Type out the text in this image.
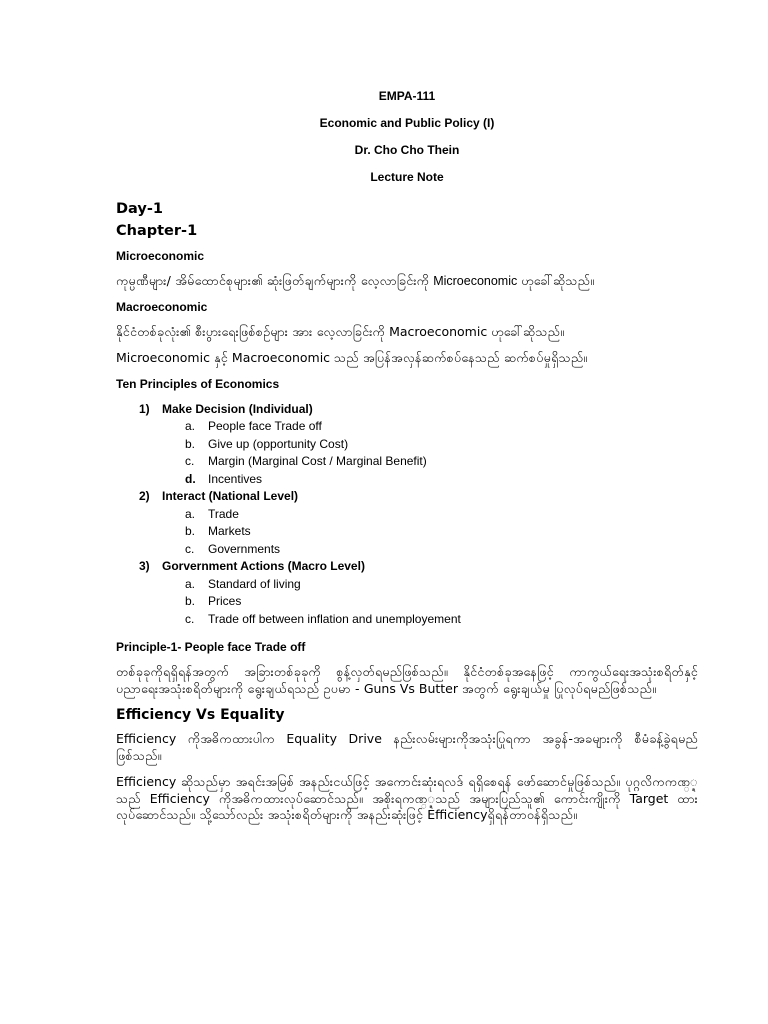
EMPA-111

Economic and Public Policy (I)

Dr. Cho Cho Thein

Lecture Note

Day-1
Chapter-1
Microeconomic

ကုမ္ပဏီများ/ အိမ်ထောင်စုများ၏ ဆုံးဖြတ်ချက်များကို လေ့လာခြင်းကို Microeconomic ဟုခေါ်ဆိုသည်။

Macroeconomic

နိုင်ငံတစ်ခုလုံး၏ စီးပွားရေးဖြစ်စဉ်များ အား လေ့လာခြင်းကို Macroeconomic ဟုခေါ်ဆိုသည်။

Microeconomic နှင့် Macroeconomic သည် အပြန်အလှန်ဆက်စပ်နေသည် ဆက်စပ်မှုရှိသည်။

Ten Principles of Economics
1) Make Decision (Individual)
a. People face Trade off
b. Give up (opportunity Cost)
c. Margin (Marginal Cost / Marginal Benefit)
d. Incentives
2) Interact (National Level)
a. Trade
b. Markets
c. Governments
3) Gorvernment Actions (Macro Level)
a. Standard of living
b. Prices
c. Trade off between inflation and unemployement
Principle-1- People face Trade off

တစ်ခုခုကိုရရှိရန်အတွက် အခြားတစ်ခုခုကို စွန့်လှတ်ရမည်ဖြစ်သည်။ နိုင်ငံတစ်ခုအနေဖြင့် ကာကွယ်ရေးအသုံးစရိတ်နှင့် ပညာရေးအသုံးစရိတ်များကို ရွေးချယ်ရသည် ဥပမာ - Guns Vs Butter အတွက် ရွေးချယ်မှု ပြုလုပ်ရမည်ဖြစ်သည်။

Efficiency Vs Equality

Efficiency ကိုအဓိကထားပါက Equality Drive နည်းလမ်းများကိုအသုံးပြုရကာ အခွန်-အခများကို စီမံခန့်ခွဲရမည် ဖြစ်သည်။

Efficiency ဆိုသည်မှာ အရင်းအမြစ် အနည်းငယ်ဖြင့် အကောင်းဆုံးရလဒ် ရရှိစေရန် ဖော်ဆောင်မှုဖြစ်သည်။ ပုဂ္ဂလိကကဏ္္ဍသည် Efficiency ကိုအဓိကထားလုပ်ဆောင်သည်။ အစိုးရကဏ္္ဍသည် အများပြည်သူ၏ ကောင်းကျိုးကို Target ထားလုပ်ဆောင်သည်။ သို့သော်လည်း အသုံးစရိတ်များကို အနည်းဆုံးဖြင့် Efficiencyရှိရန်တာဝန်ရှိသည်။
